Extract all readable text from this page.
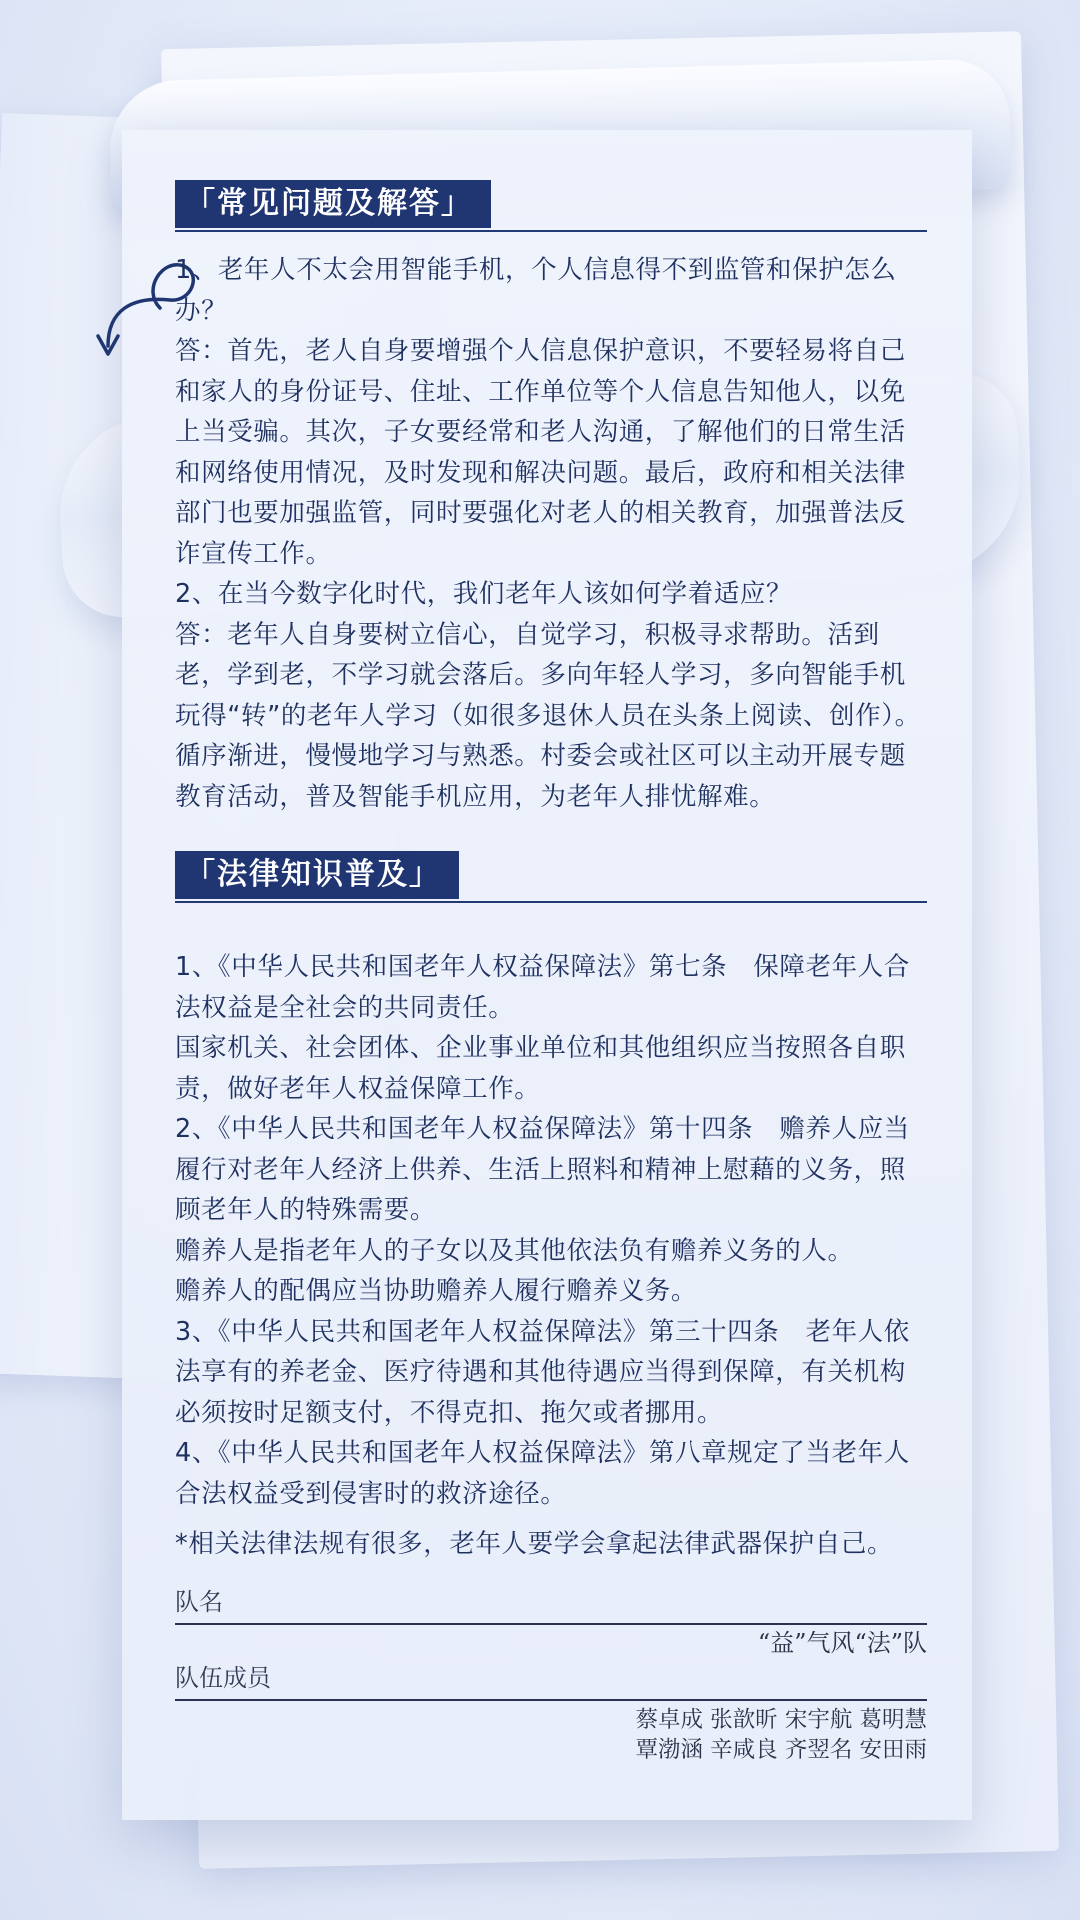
「常见问题及解答」

1、老年人不太会用智能手机，个人信息得不到监管和保护怎么办？

答：首先，老人自身要增强个人信息保护意识，不要轻易将自己和家人的身份证号、住址、工作单位等个人信息告知他人，以免上当受骗。其次，子女要经常和老人沟通，了解他们的日常生活和网络使用情况，及时发现和解决问题。最后，政府和相关法律部门也要加强监管，同时要强化对老人的相关教育，加强普法反诈宣传工作。

2、在当今数字化时代，我们老年人该如何学着适应？

答：老年人自身要树立信心，自觉学习，积极寻求帮助。活到老，学到老，不学习就会落后。多向年轻人学习，多向智能手机玩得“转”的老年人学习（如很多退休人员在头条上阅读、创作）。循序渐进，慢慢地学习与熟悉。村委会或社区可以主动开展专题教育活动，普及智能手机应用，为老年人排忧解难。

「法律知识普及」

1、《中华人民共和国老年人权益保障法》第七条　保障老年人合法权益是全社会的共同责任。

国家机关、社会团体、企业事业单位和其他组织应当按照各自职责，做好老年人权益保障工作。

2、《中华人民共和国老年人权益保障法》第十四条　赡养人应当履行对老年人经济上供养、生活上照料和精神上慰藉的义务，照顾老年人的特殊需要。

赡养人是指老年人的子女以及其他依法负有赡养义务的人。

赡养人的配偶应当协助赡养人履行赡养义务。

3、《中华人民共和国老年人权益保障法》第三十四条　老年人依法享有的养老金、医疗待遇和其他待遇应当得到保障，有关机构必须按时足额支付，不得克扣、拖欠或者挪用。

4、《中华人民共和国老年人权益保障法》第八章规定了当老年人合法权益受到侵害时的救济途径。

*相关法律法规有很多，老年人要学会拿起法律武器保护自己。

队名
“益”气风“法”队
队伍成员
蔡卓成 张歆昕 宋宇航 葛明慧
覃渤涵 辛咸良 齐翌名 安田雨
